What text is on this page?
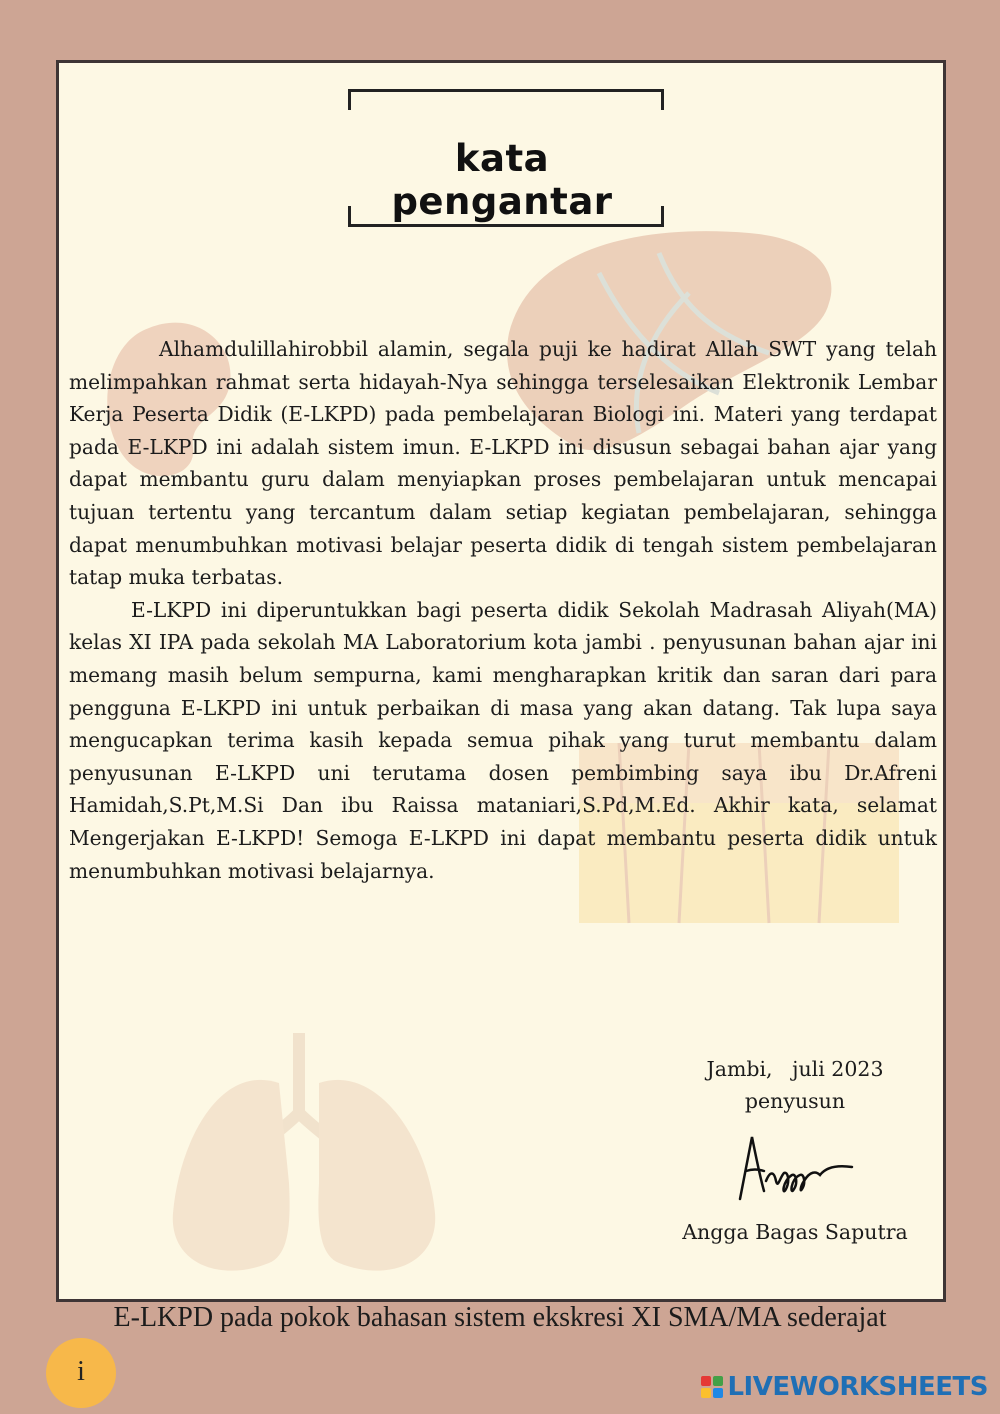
kata pengantar

Alhamdulillahirobbil alamin, segala puji ke hadirat Allah SWT yang telah melimpahkan rahmat serta hidayah-Nya sehingga terselesaikan Elektronik Lembar Kerja Peserta Didik (E-LKPD) pada pembelajaran Biologi ini. Materi yang terdapat pada E-LKPD ini adalah sistem imun. E-LKPD ini disusun sebagai bahan ajar yang dapat membantu guru dalam menyiapkan proses pembelajaran untuk mencapai tujuan tertentu yang tercantum dalam setiap kegiatan pembelajaran, sehingga dapat menumbuhkan motivasi belajar peserta didik di tengah sistem pembelajaran tatap muka terbatas.

E-LKPD ini diperuntukkan bagi peserta didik Sekolah Madrasah Aliyah(MA) kelas XI IPA pada sekolah MA Laboratorium kota jambi . penyusunan bahan ajar ini memang masih belum sempurna, kami mengharapkan kritik dan saran dari para pengguna E-LKPD ini untuk perbaikan di masa yang akan datang. Tak lupa saya mengucapkan terima kasih kepada semua pihak yang turut membantu dalam penyusunan E-LKPD uni terutama dosen pembimbing saya ibu Dr.Afreni Hamidah,S.Pt,M.Si Dan ibu Raissa mataniari,S.Pd,M.Ed. Akhir kata, selamat Mengerjakan E-LKPD! Semoga E-LKPD ini dapat membantu peserta didik untuk menumbuhkan motivasi belajarnya.

Jambi,   juli 2023
penyusun
Angga Bagas Saputra
E-LKPD pada pokok bahasan sistem ekskresi XI SMA/MA sederajat
i	LIVEWORKSHEETS
